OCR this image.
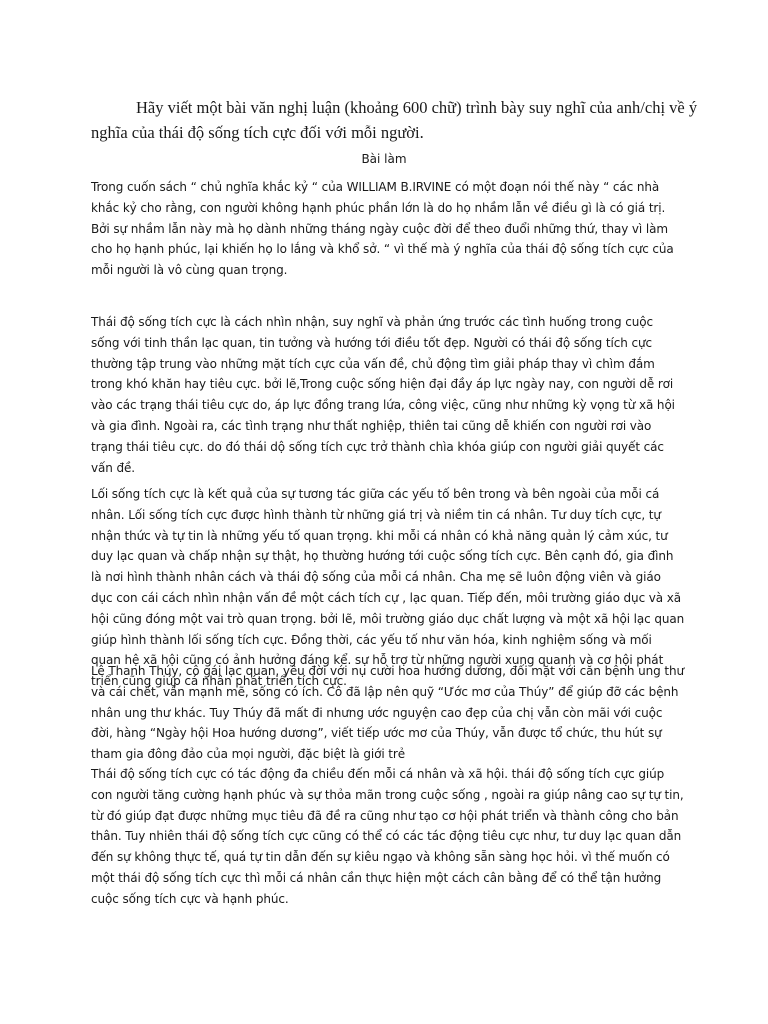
Hãy viết một bài văn nghị luận (khoảng 600 chữ) trình bày suy nghĩ của anh/chị về ý nghĩa của thái độ sống tích cực đối với mỗi người.

Bài làm

Trong cuốn sách “ chủ nghĩa khắc kỷ “ của WILLIAM B.IRVINE có một đoạn nói thế này “ các nhà khắc kỷ cho rằng, con người không hạnh phúc phần lớn là do họ nhầm lẫn về điều gì là có giá trị. Bởi sự nhầm lẫn này mà họ dành những tháng ngày cuộc đời để theo đuổi những thứ, thay vì làm cho họ hạnh phúc, lại khiến họ lo lắng và khổ sở. “ vì thế mà ý nghĩa của thái độ sống tích cực của mỗi người là vô cùng quan trọng.

Thái độ sống tích cực là cách nhìn nhận, suy nghĩ và phản ứng trước các tình huống trong cuộc sống với tinh thần lạc quan, tin tưởng và hướng tới điều tốt đẹp. Người có thái độ sống tích cực thường tập trung vào những mặt tích cực của vấn đề, chủ động tìm giải pháp thay vì chìm đắm trong khó khăn hay tiêu cực. bởi lẽ,Trong cuộc sống hiện đại đầy áp lực ngày nay, con người dễ rơi vào các trạng thái tiêu cực do, áp lực đồng trang lứa, công việc, cũng như những kỳ vọng từ xã hội và gia đình. Ngoài ra, các tình trạng như thất nghiệp, thiên tai cũng dễ khiến con người rơi vào trạng thái tiêu cực. do đó thái dộ sống tích cực trở thành chìa khóa giúp con người giải quyết các vấn đề.

Lối sống tích cực là kết quả của sự tương tác giữa các yếu tố bên trong và bên ngoài của mỗi cá nhân. Lối sống tích cực được hình thành từ những giá trị và niềm tin cá nhân. Tư duy tích cực, tự nhận thức và tự tin là những yếu tố quan trọng. khi mỗi cá nhân có khả năng quản lý cảm xúc, tư duy lạc quan và chấp nhận sự thật, họ thường hướng tới cuộc sống tích cực. Bên cạnh đó, gia đình là nơi hình thành nhân cách và thái độ sống của mỗi cá nhân. Cha mẹ sẽ luôn động viên và giáo dục con cái cách nhìn nhận vấn đề một cách tích cự , lạc quan. Tiếp đến, môi trường giáo dục và xã hội cũng đóng một vai trò quan trọng. bởi lẽ, môi trường giáo dục chất lượng và một xã hội lạc quan giúp hình thành lối sống tích cực. Đồng thời, các yếu tố như văn hóa, kinh nghiệm sống và mối quan hệ xã hội cũng có ảnh hưởng đáng kể. sự hỗ trợ từ những người xung quanh và cơ hội phát triển cũng giúp cá nhân phát triển tích cực.

Lê Thanh Thúy, cô gái lạc quan, yêu đời với nụ cười hoa hướng dương, đối mặt với căn bệnh ung thư và cái chết, vẫn mạnh mẽ, sống có ích. Cô đã lập nên quỹ “Ước mơ của Thúy” để giúp đỡ các bệnh nhân ung thư khác. Tuy Thúy đã mất đi nhưng ước nguyện cao đẹp của chị vẫn còn mãi với cuộc đời, hàng “Ngày hội Hoa hướng dương”, viết tiếp ước mơ của Thúy, vẫn được tổ chức, thu hút sự tham gia đông đảo của mọi người, đặc biệt là giới trẻ

Thái độ sống tích cực có tác động đa chiều đến mỗi cá nhân và xã hội. thái độ sống tích cực giúp con người tăng cường hạnh phúc và sự thỏa mãn trong cuộc sống , ngoài ra giúp nâng cao sự tự tin, từ đó giúp đạt được những mục tiêu đã đề ra cũng như tạo cơ hội phát triển và thành công cho bản thân. Tuy nhiên thái độ sống tích cực cũng có thể có các tác động tiêu cực như, tư duy lạc quan dẫn đến sự không thực tế, quá tự tin dẫn đến sự kiêu ngạo và không sẵn sàng học hỏi. vì thế muốn có một thái độ sống tích cực thì mỗi cá nhân cần thực hiện một cách cân bằng để có thể tận hưởng cuộc sống tích cực và hạnh phúc.
